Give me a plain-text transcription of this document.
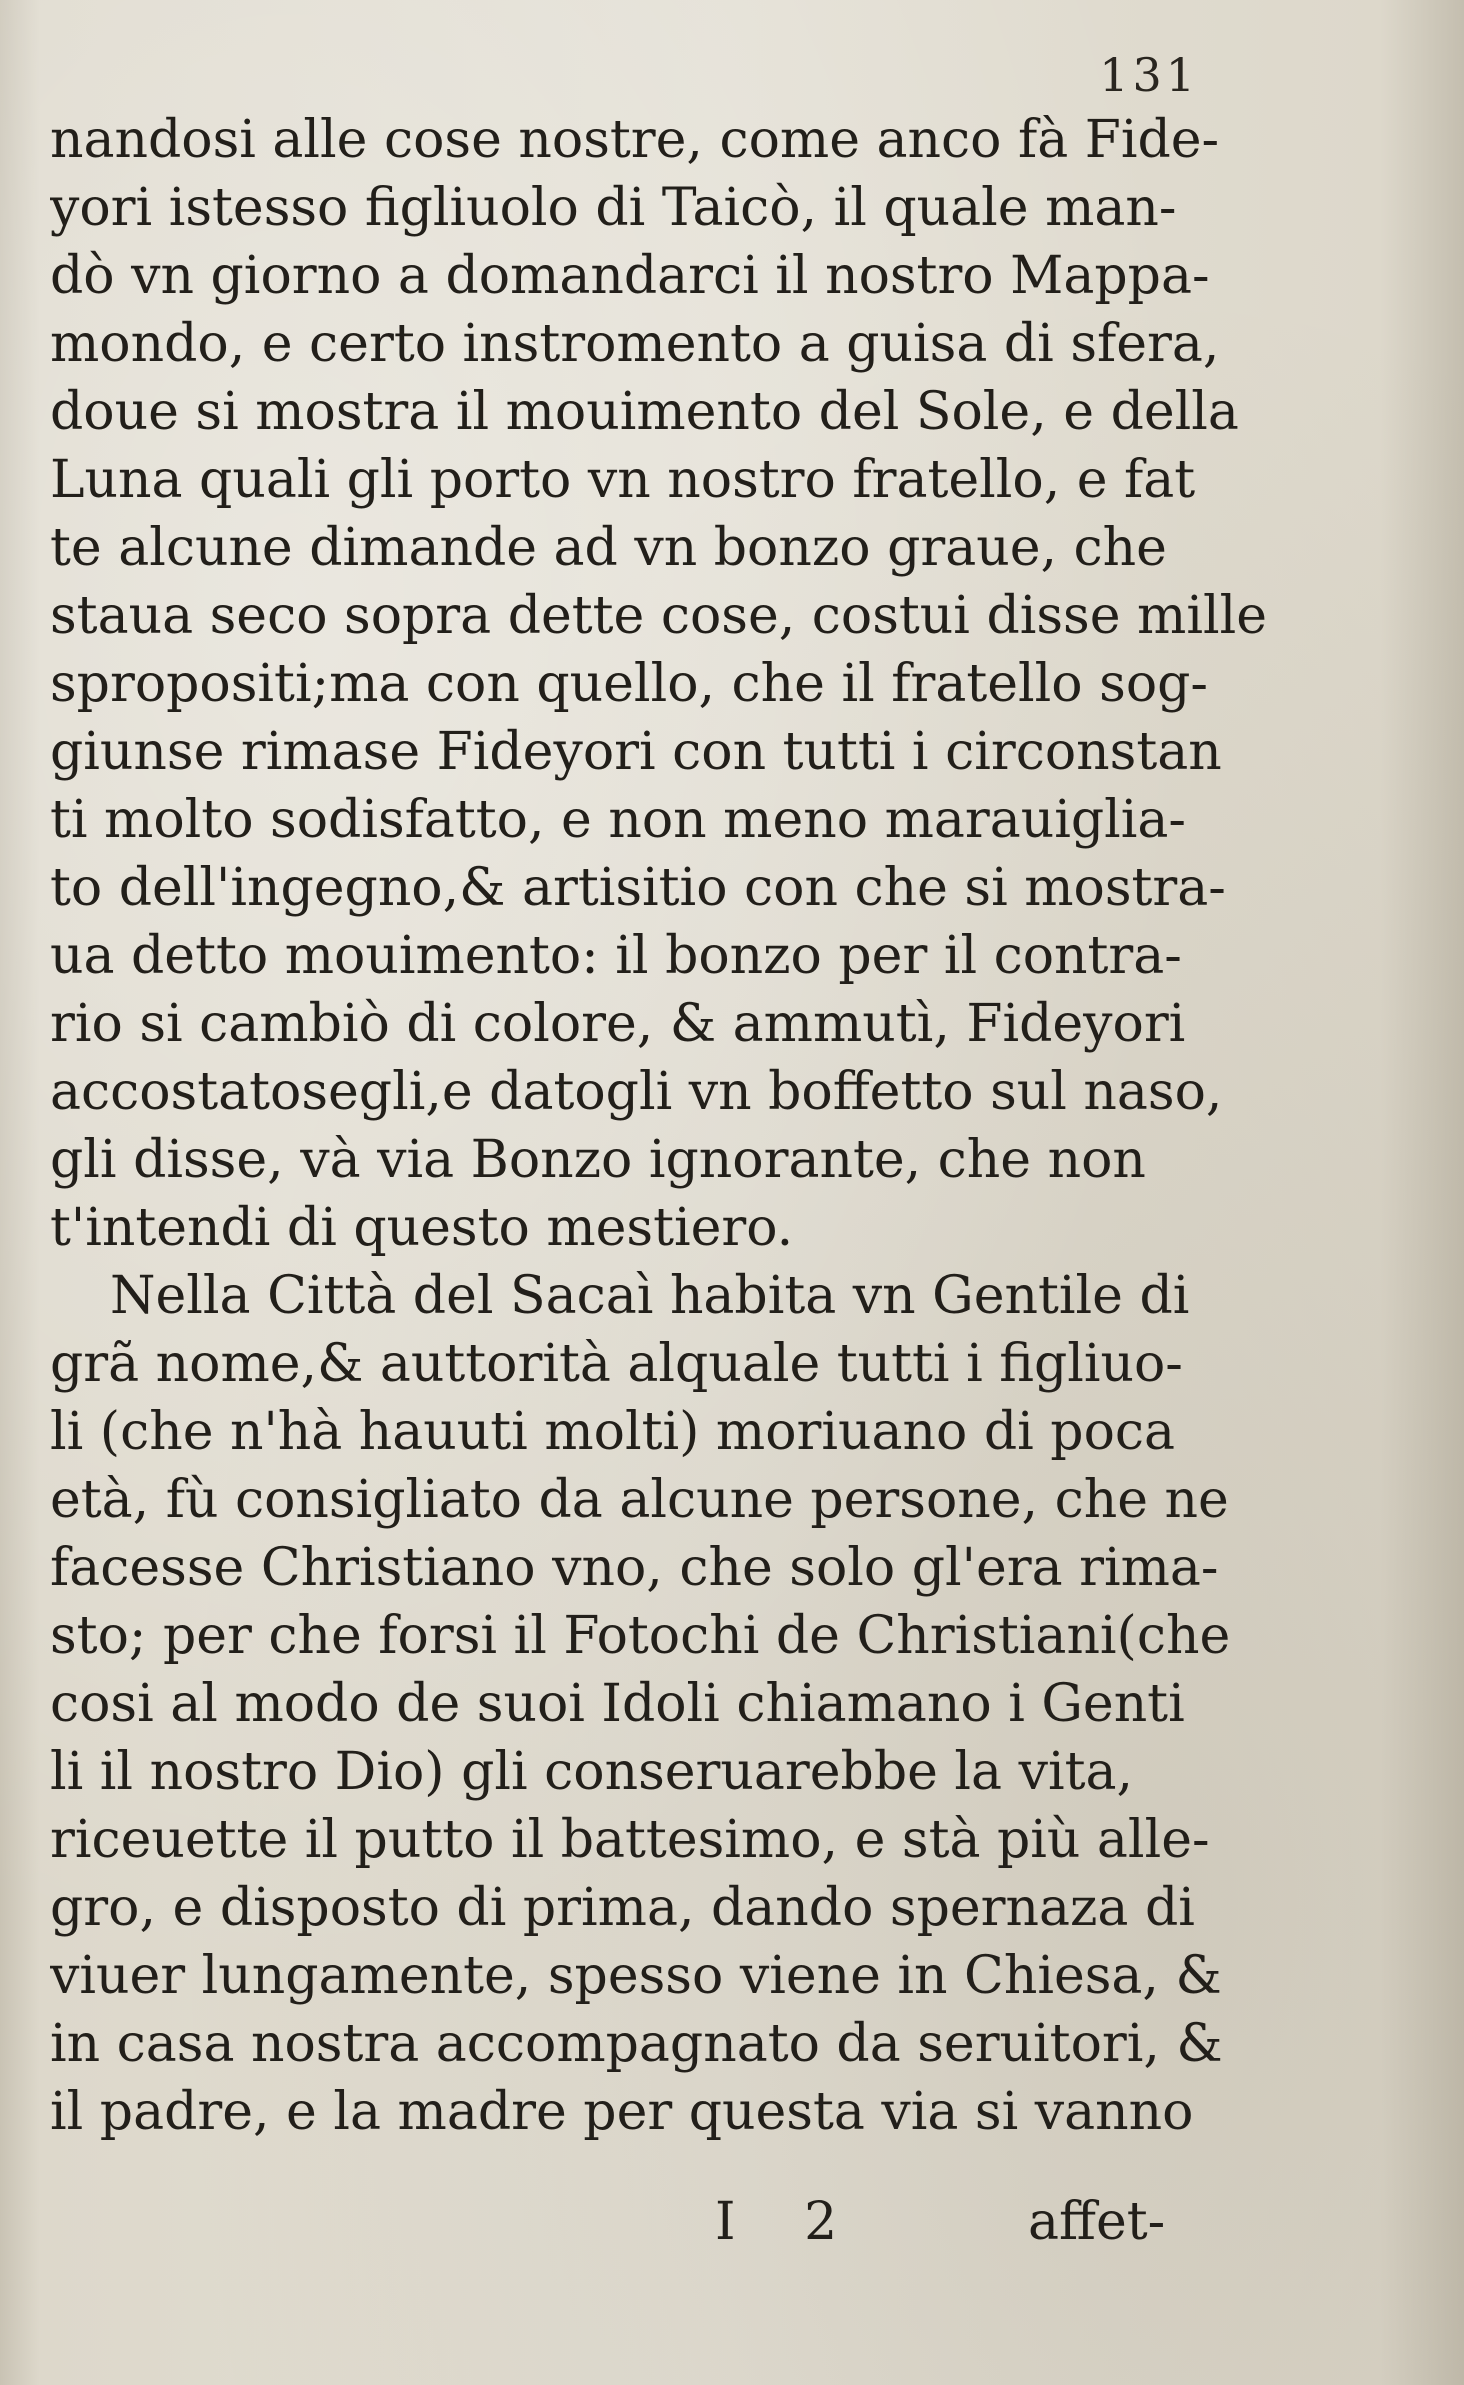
131

nandosi alle cose nostre, come anco fà Fide-

yori istesso figliuolo di Taicò, il quale man-

dò vn giorno a domandarci il nostro Mappa-

mondo, e certo instromento a guisa di sfera,

doue si mostra il mouimento del Sole, e della

Luna quali gli porto vn nostro fratello, e fat

te alcune dimande ad vn bonzo graue, che

staua seco sopra dette cose, costui disse mille

spropositi;ma con quello, che il fratello sog-

giunse rimase Fideyori con tutti i circonstan

ti molto sodisfatto, e non meno marauiglia-

to dell'ingegno,& artisitio con che si mostra-

ua detto mouimento: il bonzo per il contra-

rio si cambiò di colore, & ammutì, Fideyori

accostatosegli,e datogli vn boffetto sul naso,

gli disse, và via Bonzo ignorante, che non

t'intendi di questo mestiero.

Nella Città del Sacaì habita vn Gentile di

grã nome,& auttorità alquale tutti i figliuo-

li (che n'hà hauuti molti) moriuano di poca

età, fù consigliato da alcune persone, che ne

facesse Christiano vno, che solo gl'era rima-

sto; per che forsi il Fotochi de Christiani(che

cosi al modo de suoi Idoli chiamano i Genti

li il nostro Dio) gli conseruarebbe la vita,

riceuette il putto il battesimo, e stà più alle-

gro, e disposto di prima, dando spernaza di

viuer lungamente, spesso viene in Chiesa, &

in casa nostra accompagnato da seruitori, &

il padre, e la madre per questa via si vanno

I 2	affet-
